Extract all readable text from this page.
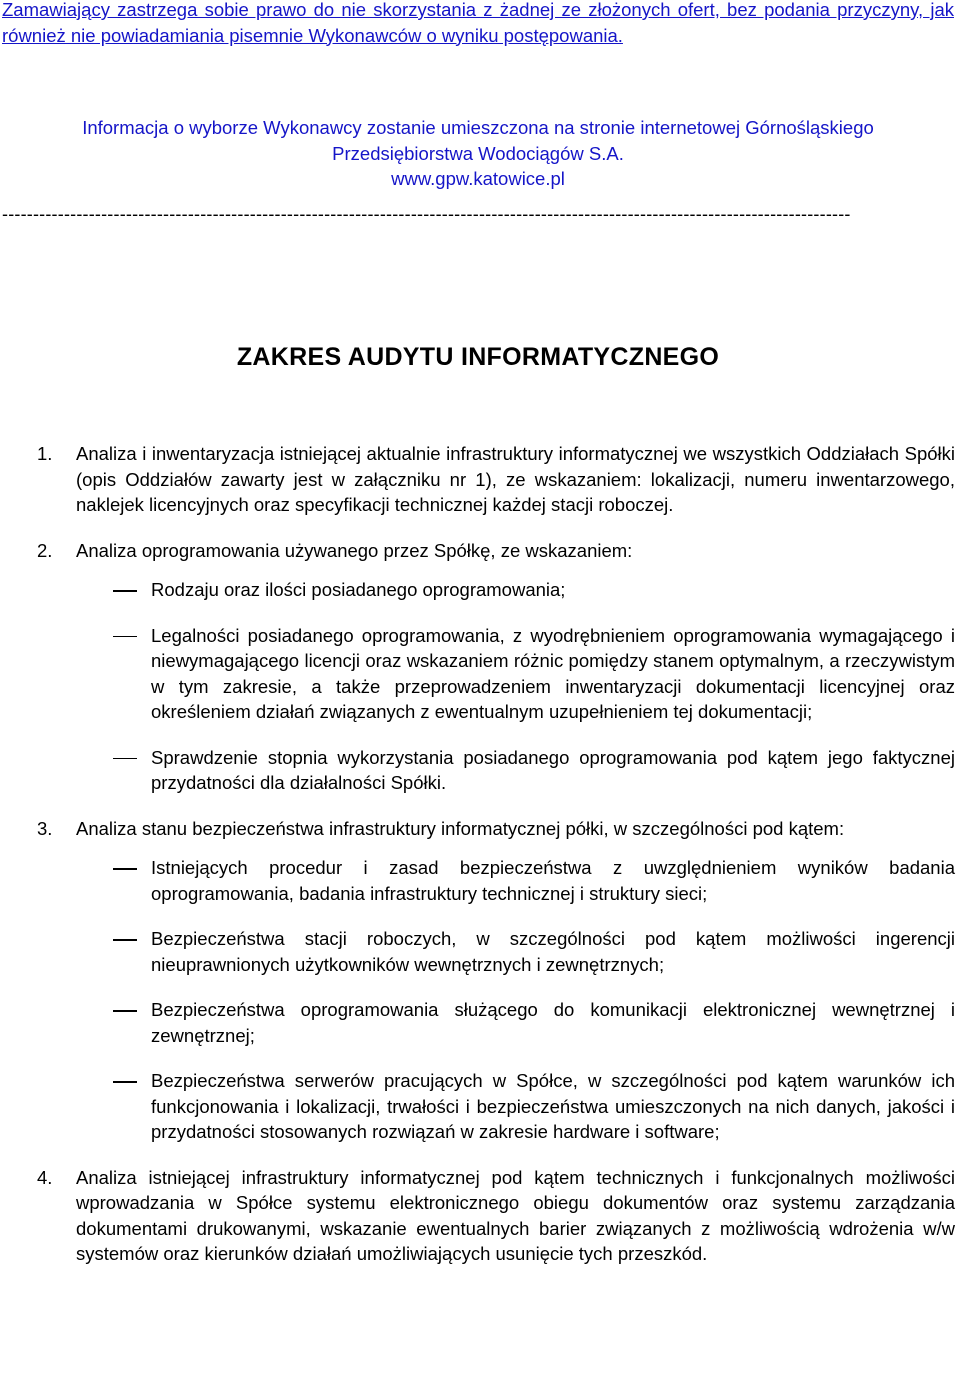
Zamawiający zastrzega sobie prawo do nie skorzystania z żadnej ze złożonych ofert, bez podania przyczyny, jak
również nie powiadamiania pisemnie Wykonawców o wyniku postępowania.
Informacja o wyborze Wykonawcy zostanie umieszczona na stronie internetowej Górnośląskiego
Przedsiębiorstwa Wodociągów S.A.
www.gpw.katowice.pl
-----------------------------------------------------------------------------------------------------------------------------------------
ZAKRES AUDYTU INFORMATYCZNEGO
1.	Analiza i inwentaryzacja istniejącej aktualnie infrastruktury informatycznej we wszystkich Oddziałach Spółki (opis Oddziałów zawarty jest w załączniku nr 1), ze wskazaniem: lokalizacji, numeru inwentarzowego, naklejek licencyjnych oraz specyfikacji technicznej każdej stacji roboczej.
2.	Analiza oprogramowania używanego przez Spółkę, ze wskazaniem:
Rodzaju oraz ilości posiadanego oprogramowania;
Legalności posiadanego oprogramowania, z wyodrębnieniem oprogramowania wymagającego i niewymagającego licencji oraz wskazaniem różnic pomiędzy stanem optymalnym, a rzeczywistym w tym zakresie, a także przeprowadzeniem inwentaryzacji dokumentacji licencyjnej oraz określeniem działań związanych z ewentualnym uzupełnieniem tej dokumentacji;
Sprawdzenie stopnia wykorzystania posiadanego oprogramowania pod kątem jego faktycznej przydatności dla działalności Spółki.
3.	Analiza stanu bezpieczeństwa infrastruktury informatycznej półki, w szczególności pod kątem:
Istniejących procedur i zasad bezpieczeństwa z uwzględnieniem wyników badania oprogramowania, badania infrastruktury technicznej i struktury sieci;
Bezpieczeństwa stacji roboczych, w szczególności pod kątem możliwości ingerencji nieuprawnionych użytkowników wewnętrznych i zewnętrznych;
Bezpieczeństwa oprogramowania służącego do komunikacji elektronicznej wewnętrznej i zewnętrznej;
Bezpieczeństwa serwerów pracujących w Spółce, w szczególności pod kątem warunków ich funkcjonowania i lokalizacji, trwałości i bezpieczeństwa umieszczonych na nich danych, jakości i przydatności stosowanych rozwiązań w zakresie hardware i software;
4.	Analiza istniejącej infrastruktury informatycznej pod kątem technicznych i funkcjonalnych możliwości wprowadzania w Spółce systemu elektronicznego obiegu dokumentów oraz systemu zarządzania dokumentami drukowanymi, wskazanie ewentualnych barier związanych z możliwością wdrożenia w/w systemów oraz kierunków działań umożliwiających usunięcie tych przeszkód.
